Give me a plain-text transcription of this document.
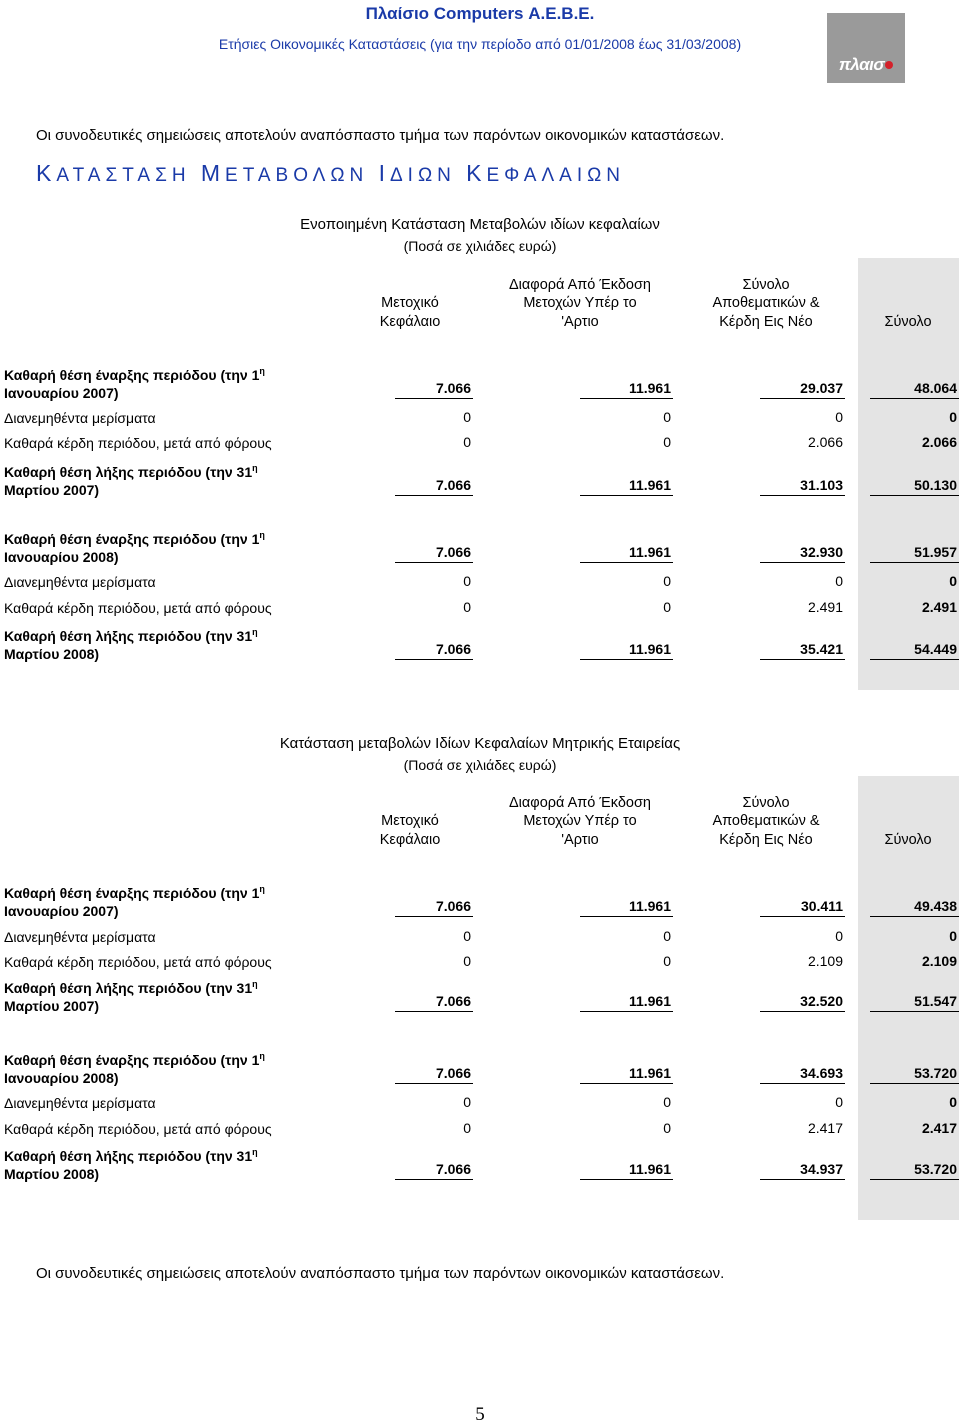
Πλαίσιο Computers Α.Ε.Β.Ε.
Ετήσιες Οικονομικές Καταστάσεις (για την περίοδο από 01/01/2008 έως 31/03/2008)
πλαισ
Οι συνοδευτικές σημειώσεις αποτελούν αναπόσπαστο τμήμα των παρόντων οικονομικών καταστάσεων.
ΚΑΤΑΣΤΑΣΗ ΜΕΤΑΒΟΛΩΝ ΙΔΙΩΝ ΚΕΦΑΛΑΙΩΝ
Ενοποιημένη Κατάσταση Μεταβολών ιδίων κεφαλαίων
(Ποσά σε χιλιάδες ευρώ)
Μετοχικό
Κεφάλαιο
Διαφορά Από Έκδοση
Μετοχών Υπέρ το
'Αρτιο
Σύνολο
Αποθεματικών &
Κέρδη Εις Νέο	Σύνολο
Καθαρή θέση έναρξης περιόδου (την $1^\eta$
Ιανουαρίου 2007)	7.066	11.961	29.037	48.064
Διανεμηθέντα μερίσματα	0	0	0	0
Καθαρά κέρδη περιόδου, μετά από φόρους	0	0	2.066	2.066
Καθαρή θέση λήξης περιόδου (την $31^\eta$
Μαρτίου 2007)	7.066	11.961	31.103	50.130
Καθαρή θέση έναρξης περιόδου (την $1^\eta$
Ιανουαρίου 2008)	7.066	11.961	32.930	51.957
Διανεμηθέντα μερίσματα	0	0	0	0
Καθαρά κέρδη περιόδου, μετά από φόρους	0	0	2.491	2.491
Καθαρή θέση λήξης περιόδου (την $31^\eta$
Μαρτίου 2008)	7.066	11.961	35.421	54.449
Κατάσταση μεταβολών Ιδίων Κεφαλαίων Μητρικής Εταιρείας
(Ποσά σε χιλιάδες ευρώ)
Μετοχικό
Κεφάλαιο
Διαφορά Από Έκδοση
Μετοχών Υπέρ το
'Αρτιο
Σύνολο
Αποθεματικών &
Κέρδη Εις Νέο	Σύνολο
Καθαρή θέση έναρξης περιόδου (την $1^\eta$
Ιανουαρίου 2007)	7.066	11.961	30.411	49.438
Διανεμηθέντα μερίσματα	0	0	0	0
Καθαρά κέρδη περιόδου, μετά από φόρους	0	0	2.109	2.109
Καθαρή θέση λήξης περιόδου (την $31^\eta$
Μαρτίου 2007)	7.066	11.961	32.520	51.547
Καθαρή θέση έναρξης περιόδου (την $1^\eta$
Ιανουαρίου 2008)	7.066	11.961	34.693	53.720
Διανεμηθέντα μερίσματα	0	0	0	0
Καθαρά κέρδη περιόδου, μετά από φόρους	0	0	2.417	2.417
Καθαρή θέση λήξης περιόδου (την $31^\eta$
Μαρτίου 2008)	7.066	11.961	34.937	53.720
Οι συνοδευτικές σημειώσεις αποτελούν αναπόσπαστο τμήμα των παρόντων οικονομικών καταστάσεων.
5
